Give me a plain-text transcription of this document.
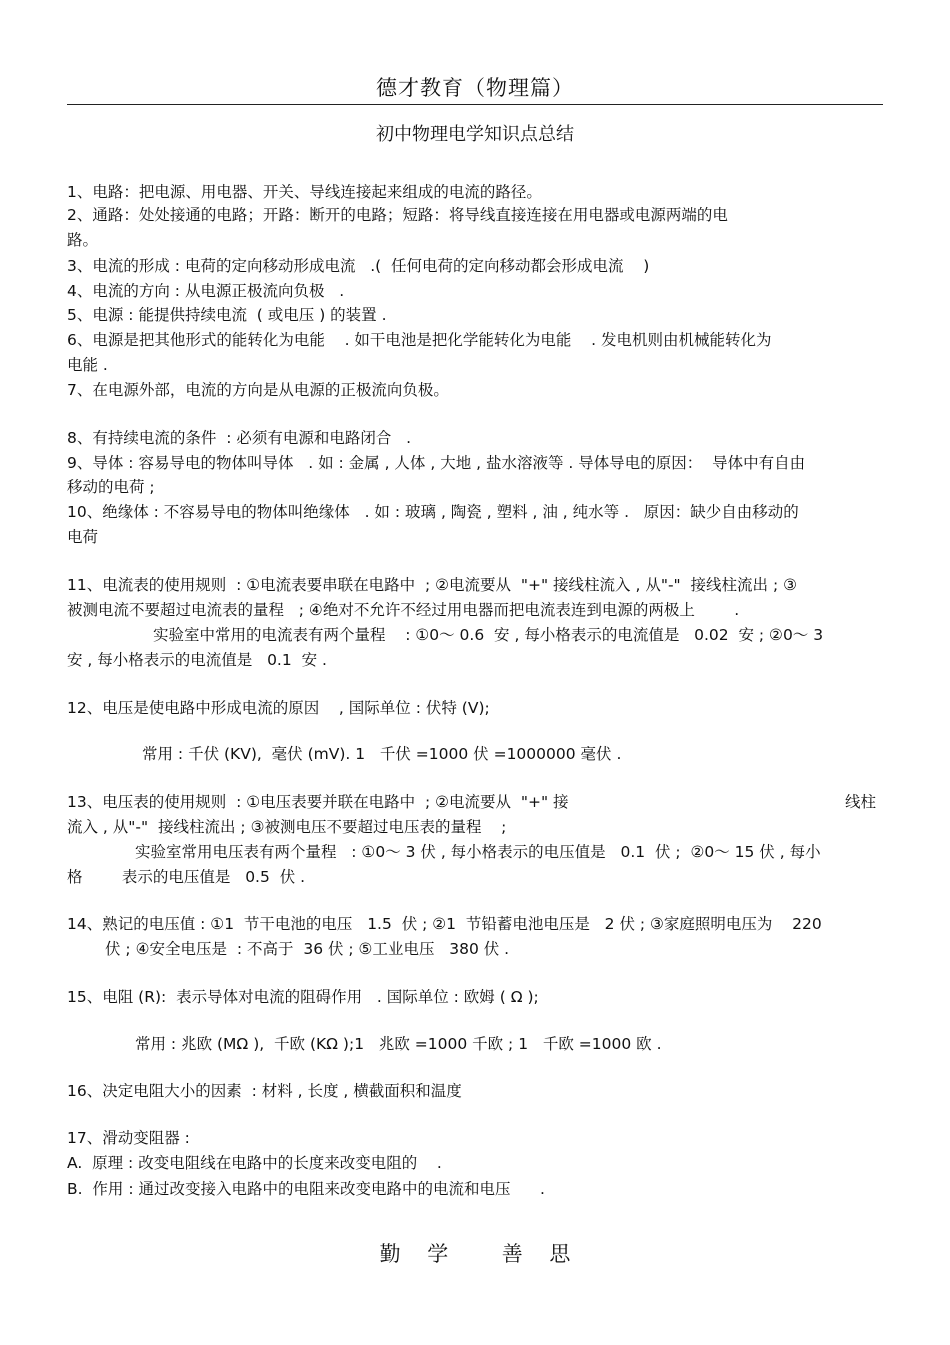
德才教育（物理篇）
初中物理电学知识点总结
1、电路：把电源、用电器、开关、导线连接起来组成的电流的路径。
2、通路：处处接通的电路；开路：断开的电路；短路：将导线直接连接在用电器或电源两端的电
路。
3、电流的形成 : 电荷的定向移动形成电流   .(  任何电荷的定向移动都会形成电流    )
4、电流的方向 : 从电源正极流向负极   .
5、电源 : 能提供持续电流  ( 或电压 ) 的装置 .
6、电源是把其他形式的能转化为电能    . 如干电池是把化学能转化为电能    . 发电机则由机械能转化为
电能 .
7、在电源外部，电流的方向是从电源的正极流向负极。
8、有持续电流的条件  : 必须有电源和电路闭合   .
9、导体 : 容易导电的物体叫导体   . 如 : 金属 , 人体 , 大地 , 盐水溶液等 . 导体导电的原因：  导体中有自由
移动的电荷 ;
10、绝缘体 : 不容易导电的物体叫绝缘体   . 如 : 玻璃 , 陶瓷 , 塑料 , 油 , 纯水等 .   原因：缺少自由移动的
电荷
11、电流表的使用规则  : ①电流表要串联在电路中  ; ②电流要从  "+" 接线柱流入 , 从"-"  接线柱流出 ; ③
被测电流不要超过电流表的量程   ; ④绝对不允许不经过用电器而把电流表连到电源的两极上        .
实验室中常用的电流表有两个量程    : ①0～ 0.6  安 , 每小格表示的电流值是   0.02  安 ; ②0～ 3
安 , 每小格表示的电流值是   0.1  安 .
12、电压是使电路中形成电流的原因    , 国际单位 : 伏特 (V);
常用 : 千伏 (KV),  毫伏 (mV). 1   千伏 =1000 伏 =1000000 毫伏 .
13、电压表的使用规则  : ①电压表要并联在电路中  ; ②电流要从  "+" 接	线柱
流入 , 从"-"  接线柱流出 ; ③被测电压不要超过电压表的量程    ;
实验室常用电压表有两个量程   : ①0～ 3 伏 , 每小格表示的电压值是   0.1  伏 ;  ②0～ 15 伏 , 每小
格        表示的电压值是   0.5  伏 .
14、熟记的电压值 : ①1  节干电池的电压   1.5  伏 ; ②1  节铅蓄电池电压是   2 伏 ; ③家庭照明电压为    220
伏 ; ④安全电压是  : 不高于  36 伏 ; ⑤工业电压   380 伏 .
15、电阻 (R):  表示导体对电流的阻碍作用   . 国际单位 : 欧姆 ( Ω );
常用 : 兆欧 (MΩ ),  千欧 (KΩ );1   兆欧 =1000 千欧 ; 1   千欧 =1000 欧 .
16、决定电阻大小的因素  : 材料 , 长度 , 横截面积和温度
17、滑动变阻器 :
A.  原理 : 改变电阻线在电路中的长度来改变电阻的    .
B.  作用 : 通过改变接入电路中的电阻来改变电路中的电流和电压      .
勤    学        善    思
